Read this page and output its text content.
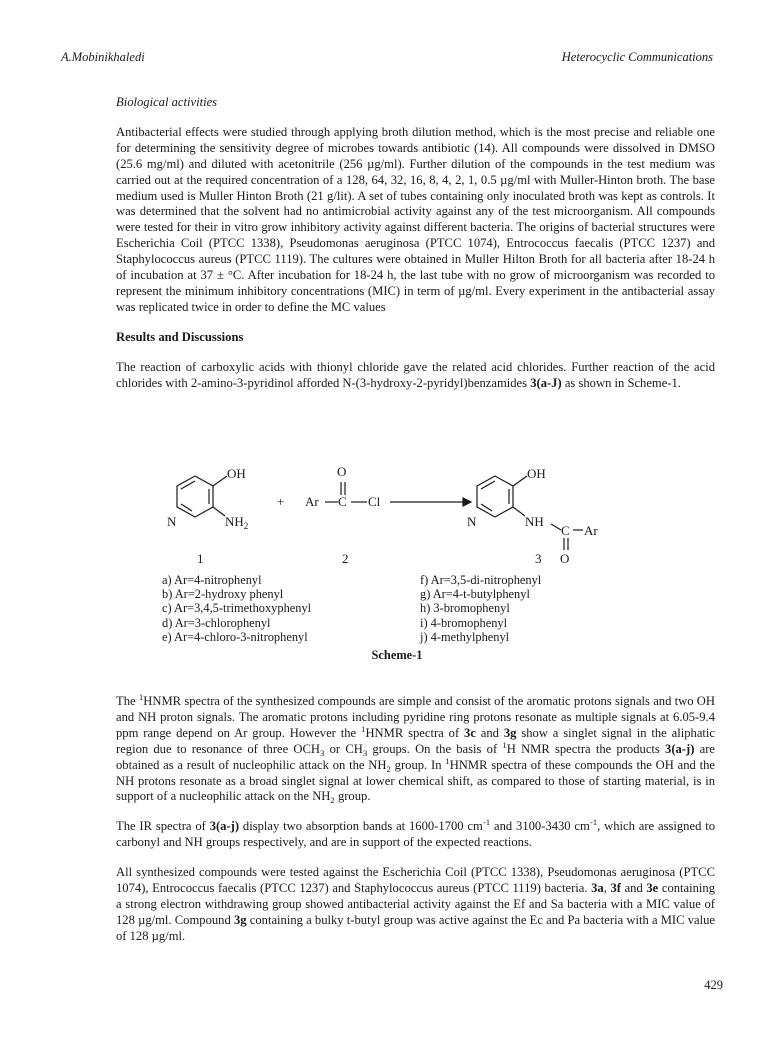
A.Mobinikhaledi	Heterocyclic Communications

Biological activities

Antibacterial effects were studied through applying broth dilution method, which is the most precise and reliable one for determining the sensitivity degree of microbes towards antibiotic (14). All compounds were dissolved in DMSO (25.6 mg/ml) and diluted with acetonitrile (256 µg/ml). Further dilution of the compounds in the test medium was carried out at the required concentration of a 128, 64, 32, 16, 8, 4, 2, 1, 0.5 µg/ml with Muller-Hinton broth. The base medium used is Muller Hinton Broth (21 g/lit). A set of tubes containing only inoculated broth was kept as controls. It was determined that the solvent had no antimicrobial activity against any of the test microorganism. All compounds were tested for their in vitro grow inhibitory activity against different bacteria. The origins of bacterial structures were Escherichia Coil (PTCC 1338), Pseudomonas aeruginosa (PTCC 1074), Entrococcus faecalis (PTCC 1237) and Staphylococcus aureus (PTCC 1119). The cultures were obtained in Muller Hilton Broth for all bacteria after 18-24 h of incubation at 37 ± °C. After incubation for 18-24 h, the last tube with no grow of microorganism was recorded to represent the minimum inhibitory concentrations (MIC) in term of µg/ml. Every experiment in the antibacterial assay was replicated twice in order to define the MC values

Results and Discussions

The reaction of carboxylic acids with thionyl chloride gave the related acid chlorides. Further reaction of the acid chlorides with 2-amino-3-pyridinol afforded N-(3-hydroxy-2-pyridyl)benzamides 3(a-J) as shown in Scheme-1.

OH
N	$NH_2$
+
O
Ar C Cl
OH
N	NH
C Ar
O
1	2	3
a) Ar=4-nitrophenyl
b) Ar=2-hydroxy phenyl
c) Ar=3,4,5-trimethoxyphenyl
d) Ar=3-chlorophenyl
e) Ar=4-chloro-3-nitrophenyl
f) Ar=3,5-di-nitrophenyl
g) Ar=4-t-butylphenyl
h) 3-bromophenyl
i) 4-bromophenyl
j) 4-methylphenyl
Scheme-1

The $^1$HNMR spectra of the synthesized compounds are simple and consist of the aromatic protons signals and two OH and NH proton signals. The aromatic protons including pyridine ring protons resonate as multiple signals at 6.05-9.4 ppm range depend on Ar group. However the $^1$HNMR spectra of 3c and 3g show a singlet signal in the aliphatic region due to resonance of three $OCH_3$ or $CH_3$ groups. On the basis of $^1$H NMR spectra the products 3(a-j) are obtained as a result of nucleophilic attack on the $NH_2$ group. In $^1$HNMR spectra of these compounds the OH and the NH protons resonate as a broad singlet signal at lower chemical shift, as compared to those of starting material, is in support of a nucleophilic attack on the $NH_2$ group.

The IR spectra of 3(a-j) display two absorption bands at 1600-1700 $cm^{-1}$ and 3100-3430 $cm^{-1}$, which are assigned to carbonyl and NH groups respectively, and are in support of the expected reactions.

All synthesized compounds were tested against the Escherichia Coil (PTCC 1338), Pseudomonas aeruginosa (PTCC 1074), Entrococcus faecalis (PTCC 1237) and Staphylococcus aureus (PTCC 1119) bacteria. 3a, 3f and 3e containing a strong electron withdrawing group showed antibacterial activity against the Ef and Sa bacteria with a MIC value of 128 µg/ml. Compound 3g containing a bulky t-butyl group was active against the Ec and Pa bacteria with a MIC value of 128 µg/ml.

429
